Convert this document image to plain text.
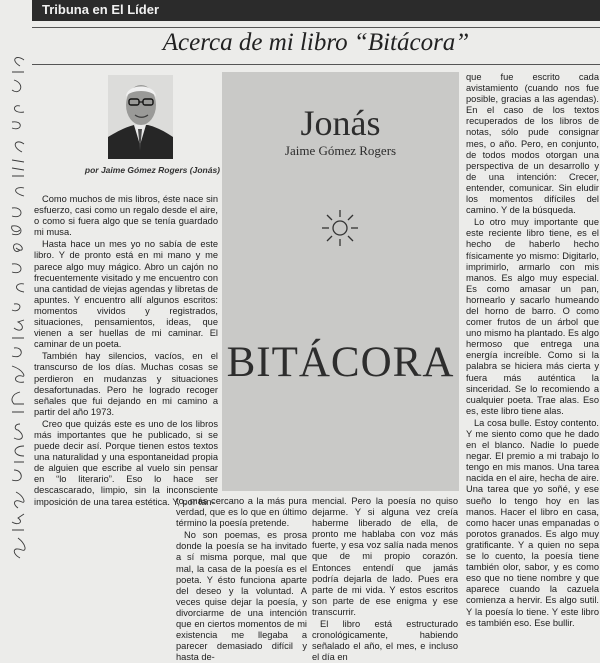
Tribuna en El Líder
Acerca de mi libro “Bitácora”
por Jaime Gómez Rogers (Jonás)

Como muchos de mis libros, éste nace sin esfuerzo, casi como un regalo desde el aire, o como si fuera algo que se tenía guardado mi musa.

Hasta hace un mes yo no sabía de este libro. Y de pronto está en mi mano y me parece algo muy mágico. Abro un cajón no frecuentemente visitado y me encuentro con una cantidad de viejas agendas y libretas de apuntes. Y encuentro allí algunos escritos: momentos vividos y registrados, situaciones, pensamientos, ideas, que vienen a ser huellas de mi caminar. El caminar de un poeta.

También hay silencios, vacíos, en el transcurso de los días. Muchas cosas se perdieron en mudanzas y situaciones desafortunadas. Pero he logrado recoger señales que fui dejando en mi camino a partir del año 1973.

Creo que quizás este es uno de los libros más importantes que he publicado, si se puede decir así. Porque tienen estos textos una naturalidad y una espontaneidad propia de alguien que escribe al vuelo sin pensar en “lo literario”. Eso lo hace ser descascarado, limpio, sin la inconsciente imposición de una tarea estética. Y, por tan-

Jonás
Jaime Gómez Rogers
BITÁCORA

to, más cercano a la más pura verdad, que es lo que en último término la poesía pretende.

No son poemas, es prosa donde la poesía se ha invitado a sí misma porque, mal que mal, la casa de la poesía es el poeta. Y ésto funciona aparte del deseo y la voluntad. A veces quise dejar la poesía, y divorciarme de una intención que en ciertos momentos de mi existencia me llegaba a parecer demasiado difícil y hasta de-

mencial. Pero la poesía no quiso dejarme. Y si alguna vez creía haberme liberado de ella, de pronto me hablaba con voz más fuerte, y esa voz salía nada menos que de mi propio corazón. Entonces entendí que jamás podría dejarla de lado. Pues era parte de mi vida. Y estos escritos son parte de ese enigma y ese transcurrir.

El libro está estructurado cronológicamente, habiendo señalado el año, el mes, e incluso el día en

que fue escrito cada avistamiento (cuando nos fue posible, gracias a las agendas). En el caso de los textos recuperados de los libros de notas, sólo pude consignar mes, o año. Pero, en conjunto, de todos modos otorgan una perspectiva de un desarrollo y de una intención: Crecer, entender, comunicar. Sin eludir los momentos difíciles del camino. Y de la búsqueda.

Lo otro muy importante que este reciente libro tiene, es el hecho de haberlo hecho físicamente yo mismo: Digitarlo, imprimirlo, armarlo con mis manos. Es algo muy especial. Es como amasar un pan, hornearlo y sacarlo humeando del horno de barro. O como comer frutos de un árbol que uno mismo ha plantado. Es algo hermoso que entrega una energía increíble. Como si la palabra se hiciera más cierta y fuera más auténtica la sinceridad. Se lo recomiendo a cualquier poeta. Trae alas. Eso es, este libro tiene alas.

La cosa bulle. Estoy contento. Y me siento como que he dado en el blanco. Nadie lo puede negar. El premio a mi trabajo lo tengo en mis manos. Una tarea nacida en el aire, hecha de aire. Una tarea que yo soñé, y ese sueño lo tengo hoy en las manos. Hacer el libro en casa, como hacer unas empanadas o porotos granados. Es algo muy gratificante. Y a quien no sepa se lo cuento, la poesía tiene también olor, sabor, y es como eso que no tiene nombre y que aparece cuando la cazuela comienza a hervir. Es algo sutil. Y la poesía lo tiene. Y este libro es también eso. Ese bullir.
